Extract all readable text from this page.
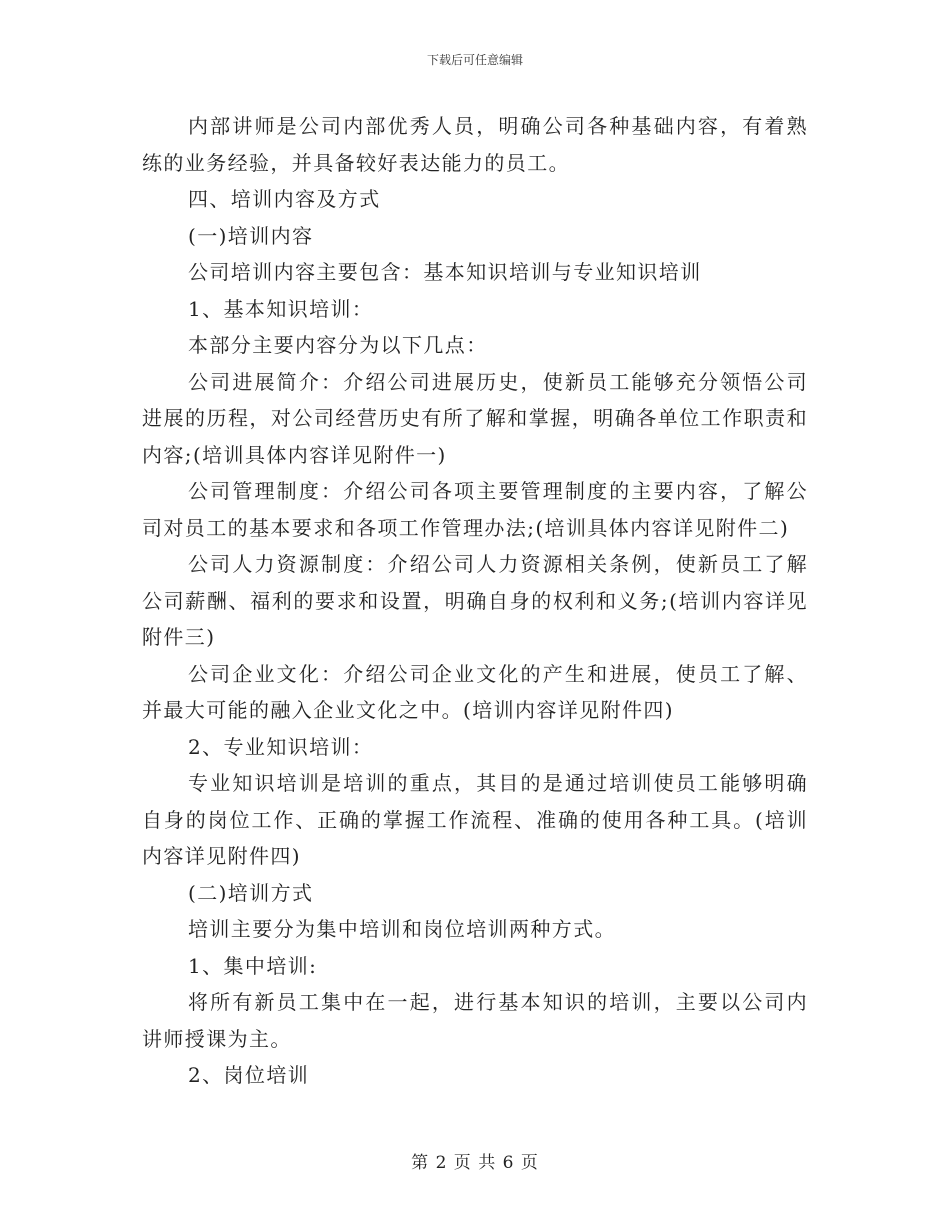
下载后可任意编辑

内部讲师是公司内部优秀人员，明确公司各种基础内容，有着熟练的业务经验，并具备较好表达能力的员工。

四、培训内容及方式

(一)培训内容

公司培训内容主要包含：基本知识培训与专业知识培训

1、基本知识培训：

本部分主要内容分为以下几点：

公司进展简介：介绍公司进展历史，使新员工能够充分领悟公司进展的历程，对公司经营历史有所了解和掌握，明确各单位工作职责和内容;(培训具体内容详见附件一)

公司管理制度：介绍公司各项主要管理制度的主要内容，了解公司对员工的基本要求和各项工作管理办法;(培训具体内容详见附件二)

公司人力资源制度：介绍公司人力资源相关条例，使新员工了解公司薪酬、福利的要求和设置，明确自身的权利和义务;(培训内容详见附件三)

公司企业文化：介绍公司企业文化的产生和进展，使员工了解、并最大可能的融入企业文化之中。(培训内容详见附件四)

2、专业知识培训：

专业知识培训是培训的重点，其目的是通过培训使员工能够明确自身的岗位工作、正确的掌握工作流程、准确的使用各种工具。(培训内容详见附件四)

(二)培训方式

培训主要分为集中培训和岗位培训两种方式。

1、集中培训:

将所有新员工集中在一起，进行基本知识的培训，主要以公司内讲师授课为主。

2、岗位培训

第 2 页 共 6 页
